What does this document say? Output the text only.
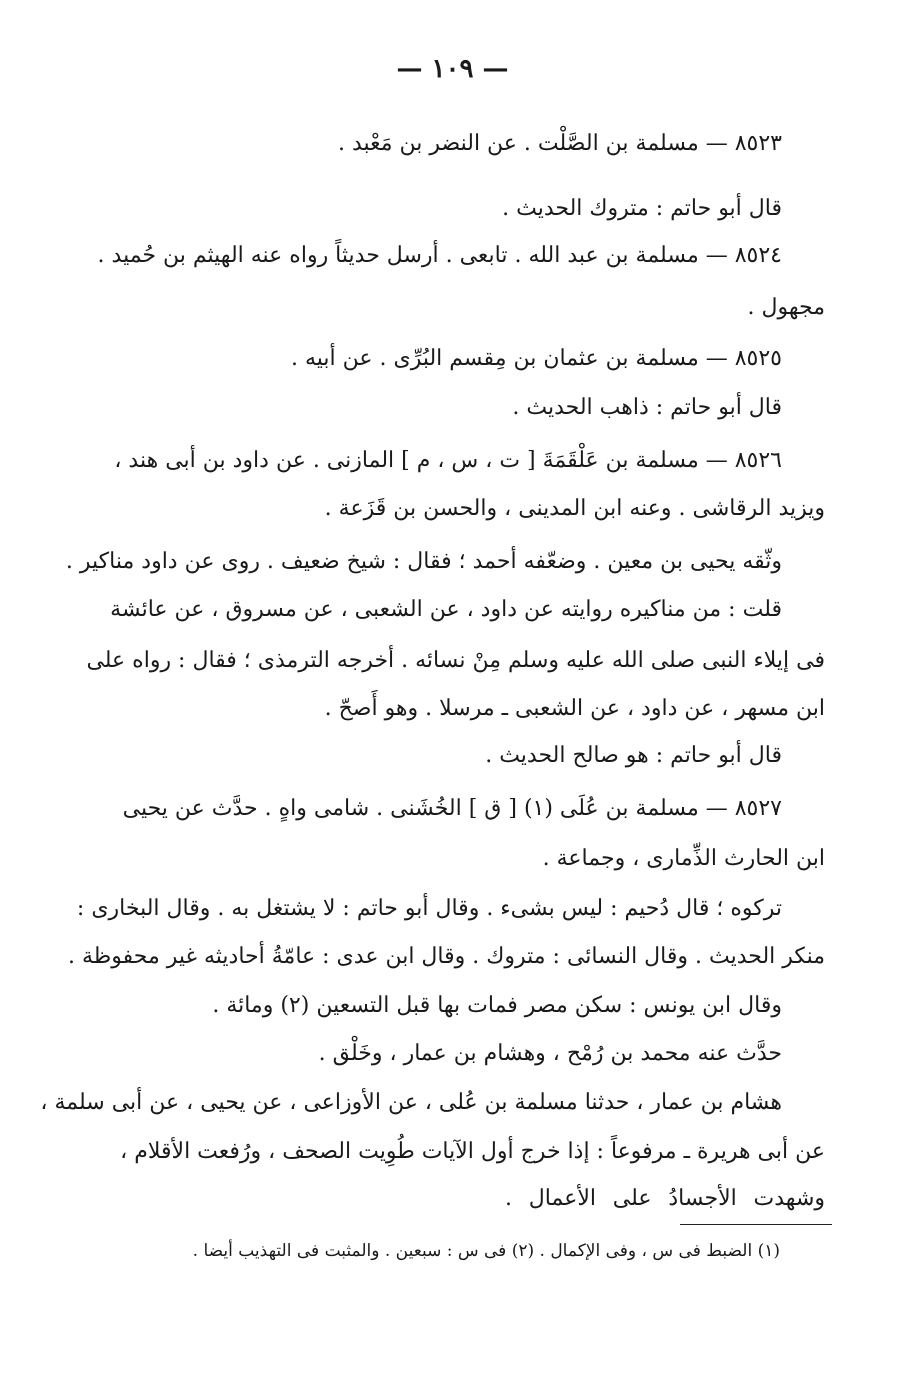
— ١٠٩ —
٨٥٢٣ — مسلمة بن الصَّلْت . عن النضر بن مَعْبد .
قال أبو حاتم : متروك الحديث .
٨٥٢٤ — مسلمة بن عبد الله . تابعى . أرسل حديثاً رواه عنه الهيثم بن حُميد .
مجهول .
٨٥٢٥ — مسلمة بن عثمان بن مِقسم البُرِّى . عن أبيه .
قال أبو حاتم : ذاهب الحديث .
٨٥٢٦ — مسلمة بن عَلْقَمَةَ [ ت ، س ، م ] المازنى . عن داود بن أبى هند ،
ويزيد الرقاشى . وعنه ابن المدينى ، والحسن بن قَزَعة .
وثّقه يحيى بن معين . وضعّفه أحمد ؛ فقال : شيخ ضعيف . روى عن داود مناكير .
قلت : من مناكيره روايته عن داود ، عن الشعبى ، عن مسروق ، عن عائشة
فى إيلاء النبى صلى الله عليه وسلم مِنْ نسائه . أخرجه الترمذى ؛ فقال : رواه على
ابن مسهر ، عن داود ، عن الشعبى ـ مرسلا . وهو أَصحّ .
قال أبو حاتم : هو صالح الحديث .
٨٥٢٧ — مسلمة بن عُلَى (١) [ ق ] الخُشَنى . شامى واهٍ . حدَّث عن يحيى
ابن الحارث الذِّمارى ، وجماعة .
تركوه ؛ قال دُحيم : ليس بشىء . وقال أبو حاتم : لا يشتغل به . وقال البخارى :
منكر الحديث . وقال النسائى : متروك . وقال ابن عدى : عامّةُ أحاديثه غير محفوظة .
وقال ابن يونس : سكن مصر فمات بها قبل التسعين (٢) ومائة .
حدَّث عنه محمد بن رُمْح ، وهشام بن عمار ، وخَلْق .
هشام بن عمار ، حدثنا مسلمة بن عُلى ، عن الأوزاعى ، عن يحيى ، عن أبى سلمة ،
عن أبى هريرة ـ مرفوعاً : إذا خرج أول الآيات طُوِيت الصحف ، ورُفعت الأقلام ،
وشهدت الأجسادُ على الأعمال .
(١) الضبط فى س ، وفى الإكمال . (٢) فى س : سبعين . والمثبت فى التهذيب أيضا .
